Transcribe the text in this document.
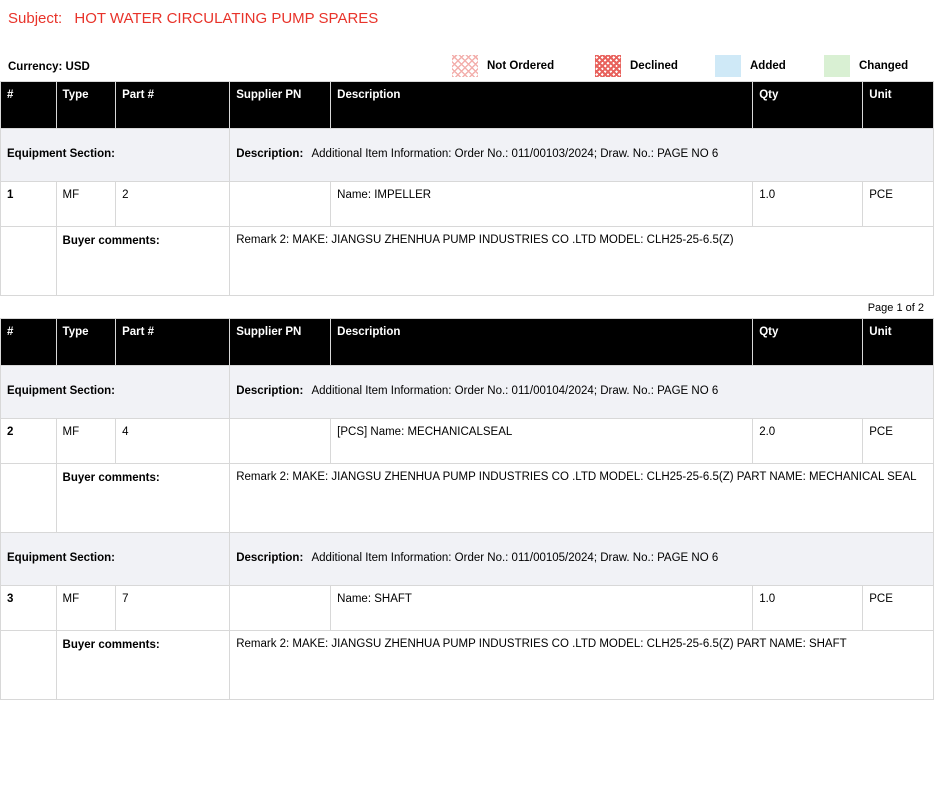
Subject: HOT WATER CIRCULATING PUMP SPARES
Currency: USD	Not Ordered	Declined	Added	Changed
#	Type	Part #	Supplier PN	Description	Qty	Unit
Equipment Section:			Description: Additional Item Information: Order No.: 011/00103/2024; Draw. No.: PAGE NO 6			
1	MF	2		Name: IMPELLER	1.0	PCE
	Buyer comments:		Remark 2: MAKE: JIANGSU ZHENHUA PUMP INDUSTRIES CO .LTD MODEL: CLH25-25-6.5(Z)			
Page 1 of 2
#	Type	Part #	Supplier PN	Description	Qty	Unit
Equipment Section:			Description: Additional Item Information: Order No.: 011/00104/2024; Draw. No.: PAGE NO 6			
2	MF	4		[PCS] Name: MECHANICALSEAL	2.0	PCE
	Buyer comments:		Remark 2: MAKE: JIANGSU ZHENHUA PUMP INDUSTRIES CO .LTD MODEL: CLH25-25-6.5(Z) PART NAME: MECHANICAL SEAL			
Equipment Section:			Description: Additional Item Information: Order No.: 011/00105/2024; Draw. No.: PAGE NO 6			
3	MF	7		Name: SHAFT	1.0	PCE
	Buyer comments:		Remark 2: MAKE: JIANGSU ZHENHUA PUMP INDUSTRIES CO .LTD MODEL: CLH25-25-6.5(Z) PART NAME: SHAFT			
